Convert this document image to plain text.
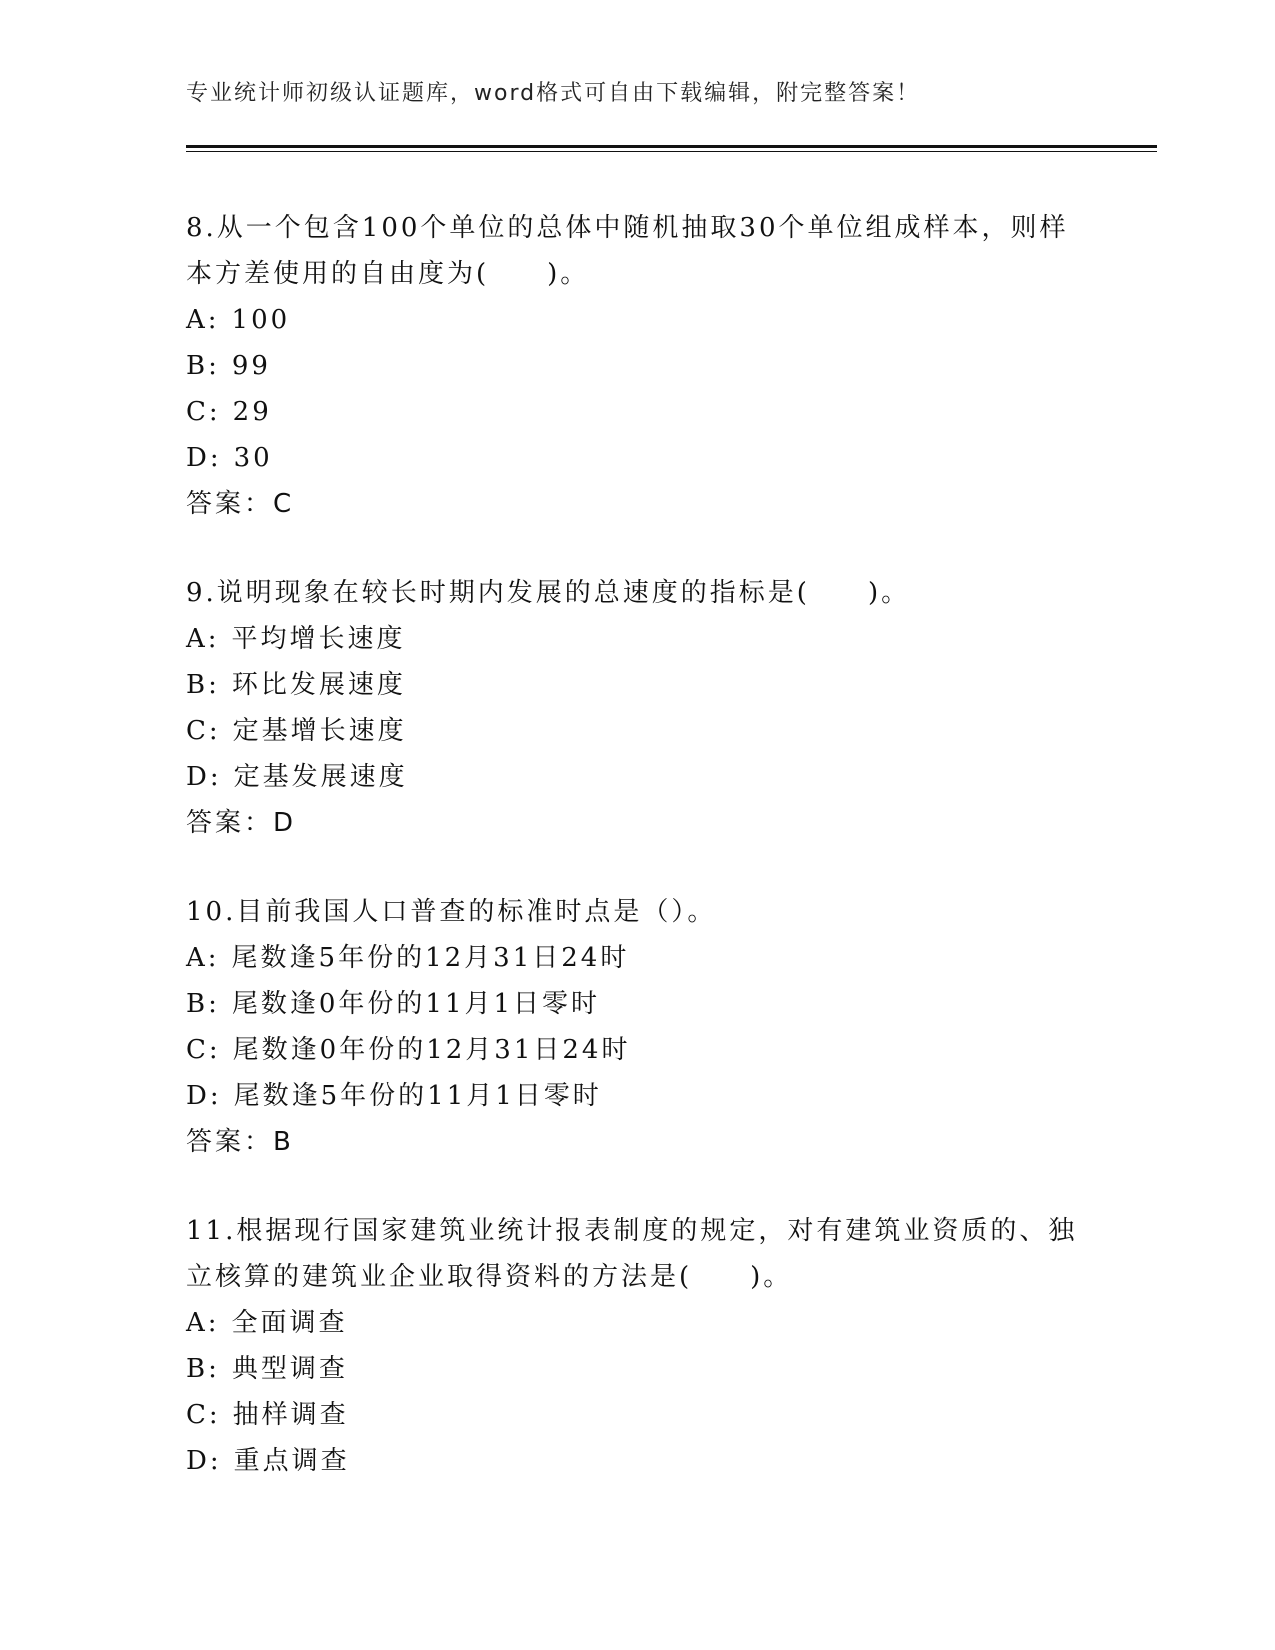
专业统计师初级认证题库，word格式可自由下载编辑，附完整答案！

8.从一个包含100个单位的总体中随机抽取30个单位组成样本，则样本方差使用的自由度为(　　)。

A: 100
B: 99
C: 29
D: 30
答案：C

9.说明现象在较长时期内发展的总速度的指标是(　　)。

A: 平均增长速度
B: 环比发展速度
C: 定基增长速度
D: 定基发展速度
答案：D

10.目前我国人口普查的标准时点是（）。

A: 尾数逢5年份的12月31日24时
B: 尾数逢0年份的11月1日零时
C: 尾数逢0年份的12月31日24时
D: 尾数逢5年份的11月1日零时
答案：B

11.根据现行国家建筑业统计报表制度的规定，对有建筑业资质的、独立核算的建筑业企业取得资料的方法是(　　)。

A: 全面调查
B: 典型调查
C: 抽样调查
D: 重点调查
